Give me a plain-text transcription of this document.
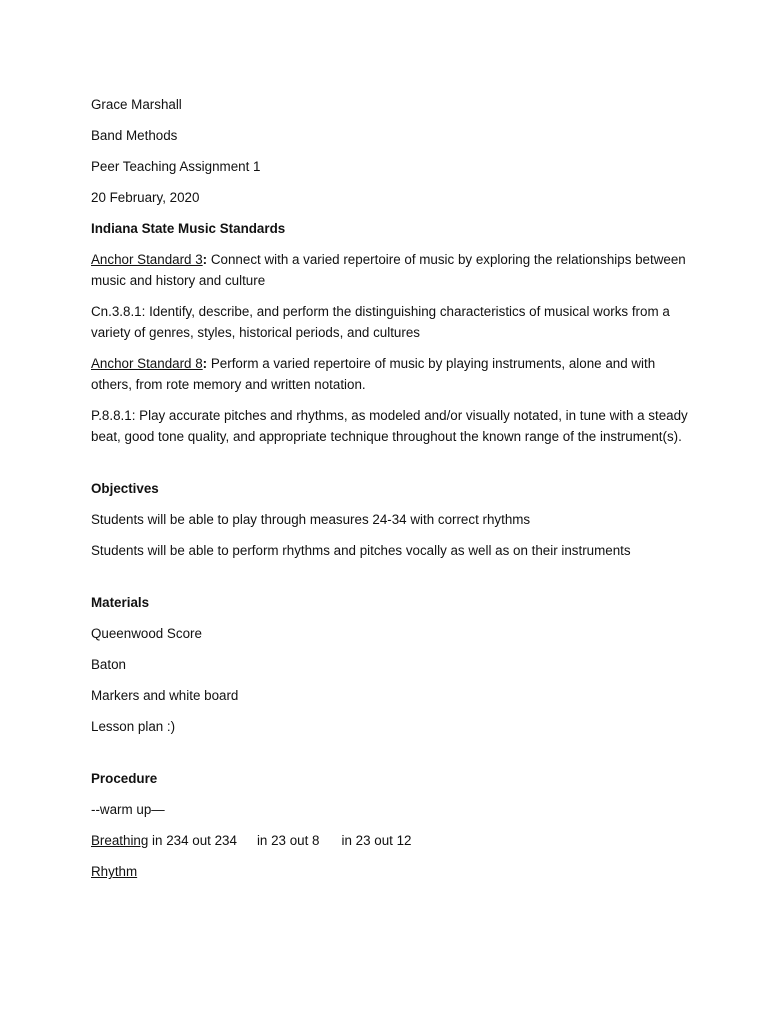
Grace Marshall

Band Methods

Peer Teaching Assignment 1

20 February, 2020

Indiana State Music Standards

Anchor Standard 3: Connect with a varied repertoire of music by exploring the relationships between music and history and culture

Cn.3.8.1: Identify, describe, and perform the distinguishing characteristics of musical works from a variety of genres, styles, historical periods, and cultures

Anchor Standard 8: Perform a varied repertoire of music by playing instruments, alone and with others, from rote memory and written notation.

P.8.8.1: Play accurate pitches and rhythms, as modeled and/or visually notated, in tune with a steady beat, good tone quality, and appropriate technique throughout the known range of the instrument(s).

Objectives

Students will be able to play through measures 24-34 with correct rhythms

Students will be able to perform rhythms and pitches vocally as well as on their instruments

Materials

Queenwood Score

Baton

Markers and white board

Lesson plan :)

Procedure

--warm up—

Breathing in 234 out 234 in 23 out 8 in 23 out 12

Rhythm
